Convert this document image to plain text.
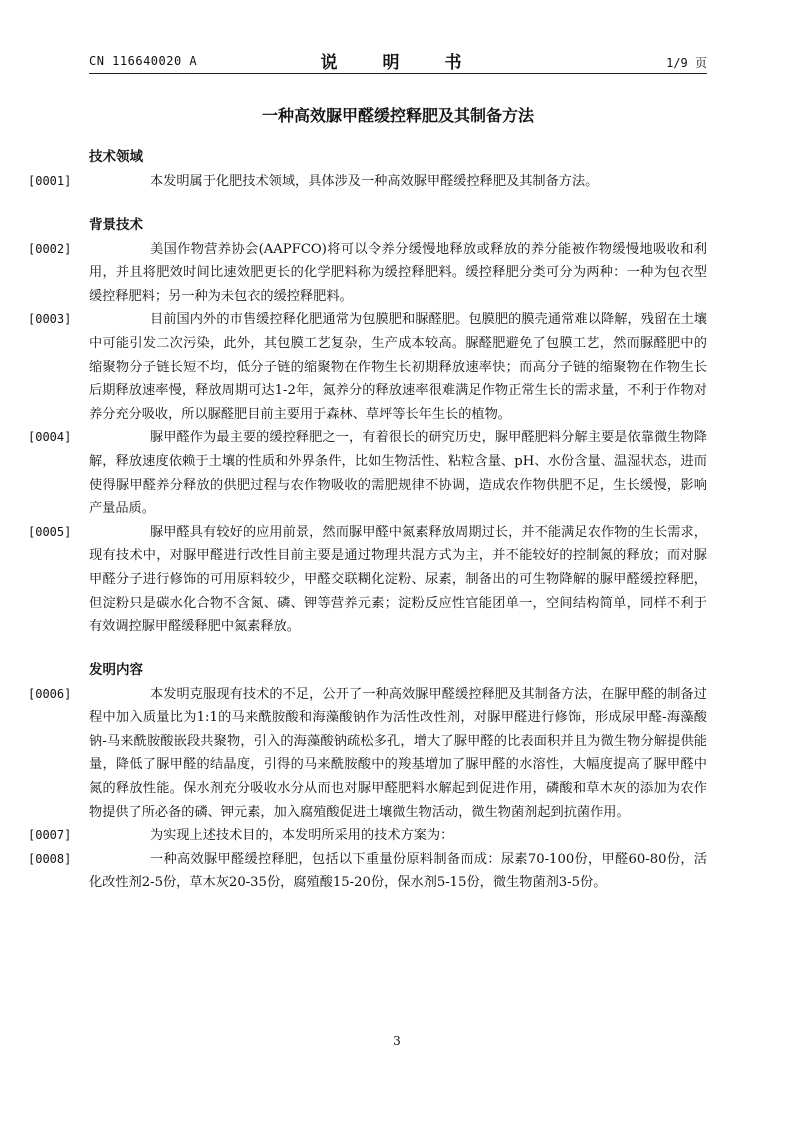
CN 116640020 A	说　明　书	1/9 页
一种高效脲甲醛缓控释肥及其制备方法
技术领域
[0001]	本发明属于化肥技术领域，具体涉及一种高效脲甲醛缓控释肥及其制备方法。
背景技术
[0002]	美国作物营养协会(AAPFCO)将可以令养分缓慢地释放或释放的养分能被作物缓慢地吸收和利用，并且将肥效时间比速效肥更长的化学肥料称为缓控释肥料。缓控释肥分类可分为两种：一种为包衣型缓控释肥料；另一种为未包衣的缓控释肥料。
[0003]	目前国内外的市售缓控释化肥通常为包膜肥和脲醛肥。包膜肥的膜壳通常难以降解，残留在土壤中可能引发二次污染，此外，其包膜工艺复杂，生产成本较高。脲醛肥避免了包膜工艺，然而脲醛肥中的缩聚物分子链长短不均，低分子链的缩聚物在作物生长初期释放速率快；而高分子链的缩聚物在作物生长后期释放速率慢，释放周期可达1-2年，氮养分的释放速率很难满足作物正常生长的需求量，不利于作物对养分充分吸收，所以脲醛肥目前主要用于森林、草坪等长年生长的植物。
[0004]	脲甲醛作为最主要的缓控释肥之一，有着很长的研究历史，脲甲醛肥料分解主要是依靠微生物降解，释放速度依赖于土壤的性质和外界条件，比如生物活性、粘粒含量、pH、水份含量、温湿状态，进而使得脲甲醛养分释放的供肥过程与农作物吸收的需肥规律不协调，造成农作物供肥不足，生长缓慢，影响产量品质。
[0005]	脲甲醛具有较好的应用前景，然而脲甲醛中氮素释放周期过长，并不能满足农作物的生长需求，现有技术中，对脲甲醛进行改性目前主要是通过物理共混方式为主，并不能较好的控制氮的释放；而对脲甲醛分子进行修饰的可用原料较少，甲醛交联糊化淀粉、尿素，制备出的可生物降解的脲甲醛缓控释肥，但淀粉只是碳水化合物不含氮、磷、钾等营养元素；淀粉反应性官能团单一，空间结构简单，同样不利于有效调控脲甲醛缓释肥中氮素释放。
发明内容
[0006]	本发明克服现有技术的不足，公开了一种高效脲甲醛缓控释肥及其制备方法，在脲甲醛的制备过程中加入质量比为1:1的马来酰胺酸和海藻酸钠作为活性改性剂，对脲甲醛进行修饰，形成尿甲醛-海藻酸钠-马来酰胺酸嵌段共聚物，引入的海藻酸钠疏松多孔，增大了脲甲醛的比表面积并且为微生物分解提供能量，降低了脲甲醛的结晶度，引得的马来酰胺酸中的羧基增加了脲甲醛的水溶性，大幅度提高了脲甲醛中氮的释放性能。保水剂充分吸收水分从而也对脲甲醛肥料水解起到促进作用，磷酸和草木灰的添加为农作物提供了所必备的磷、钾元素，加入腐殖酸促进土壤微生物活动，微生物菌剂起到抗菌作用。
[0007]	为实现上述技术目的，本发明所采用的技术方案为：
[0008]	一种高效脲甲醛缓控释肥，包括以下重量份原料制备而成：尿素70-100份，甲醛60-80份，活化改性剂2-5份，草木灰20-35份，腐殖酸15-20份，保水剂5-15份，微生物菌剂3-5份。
3
